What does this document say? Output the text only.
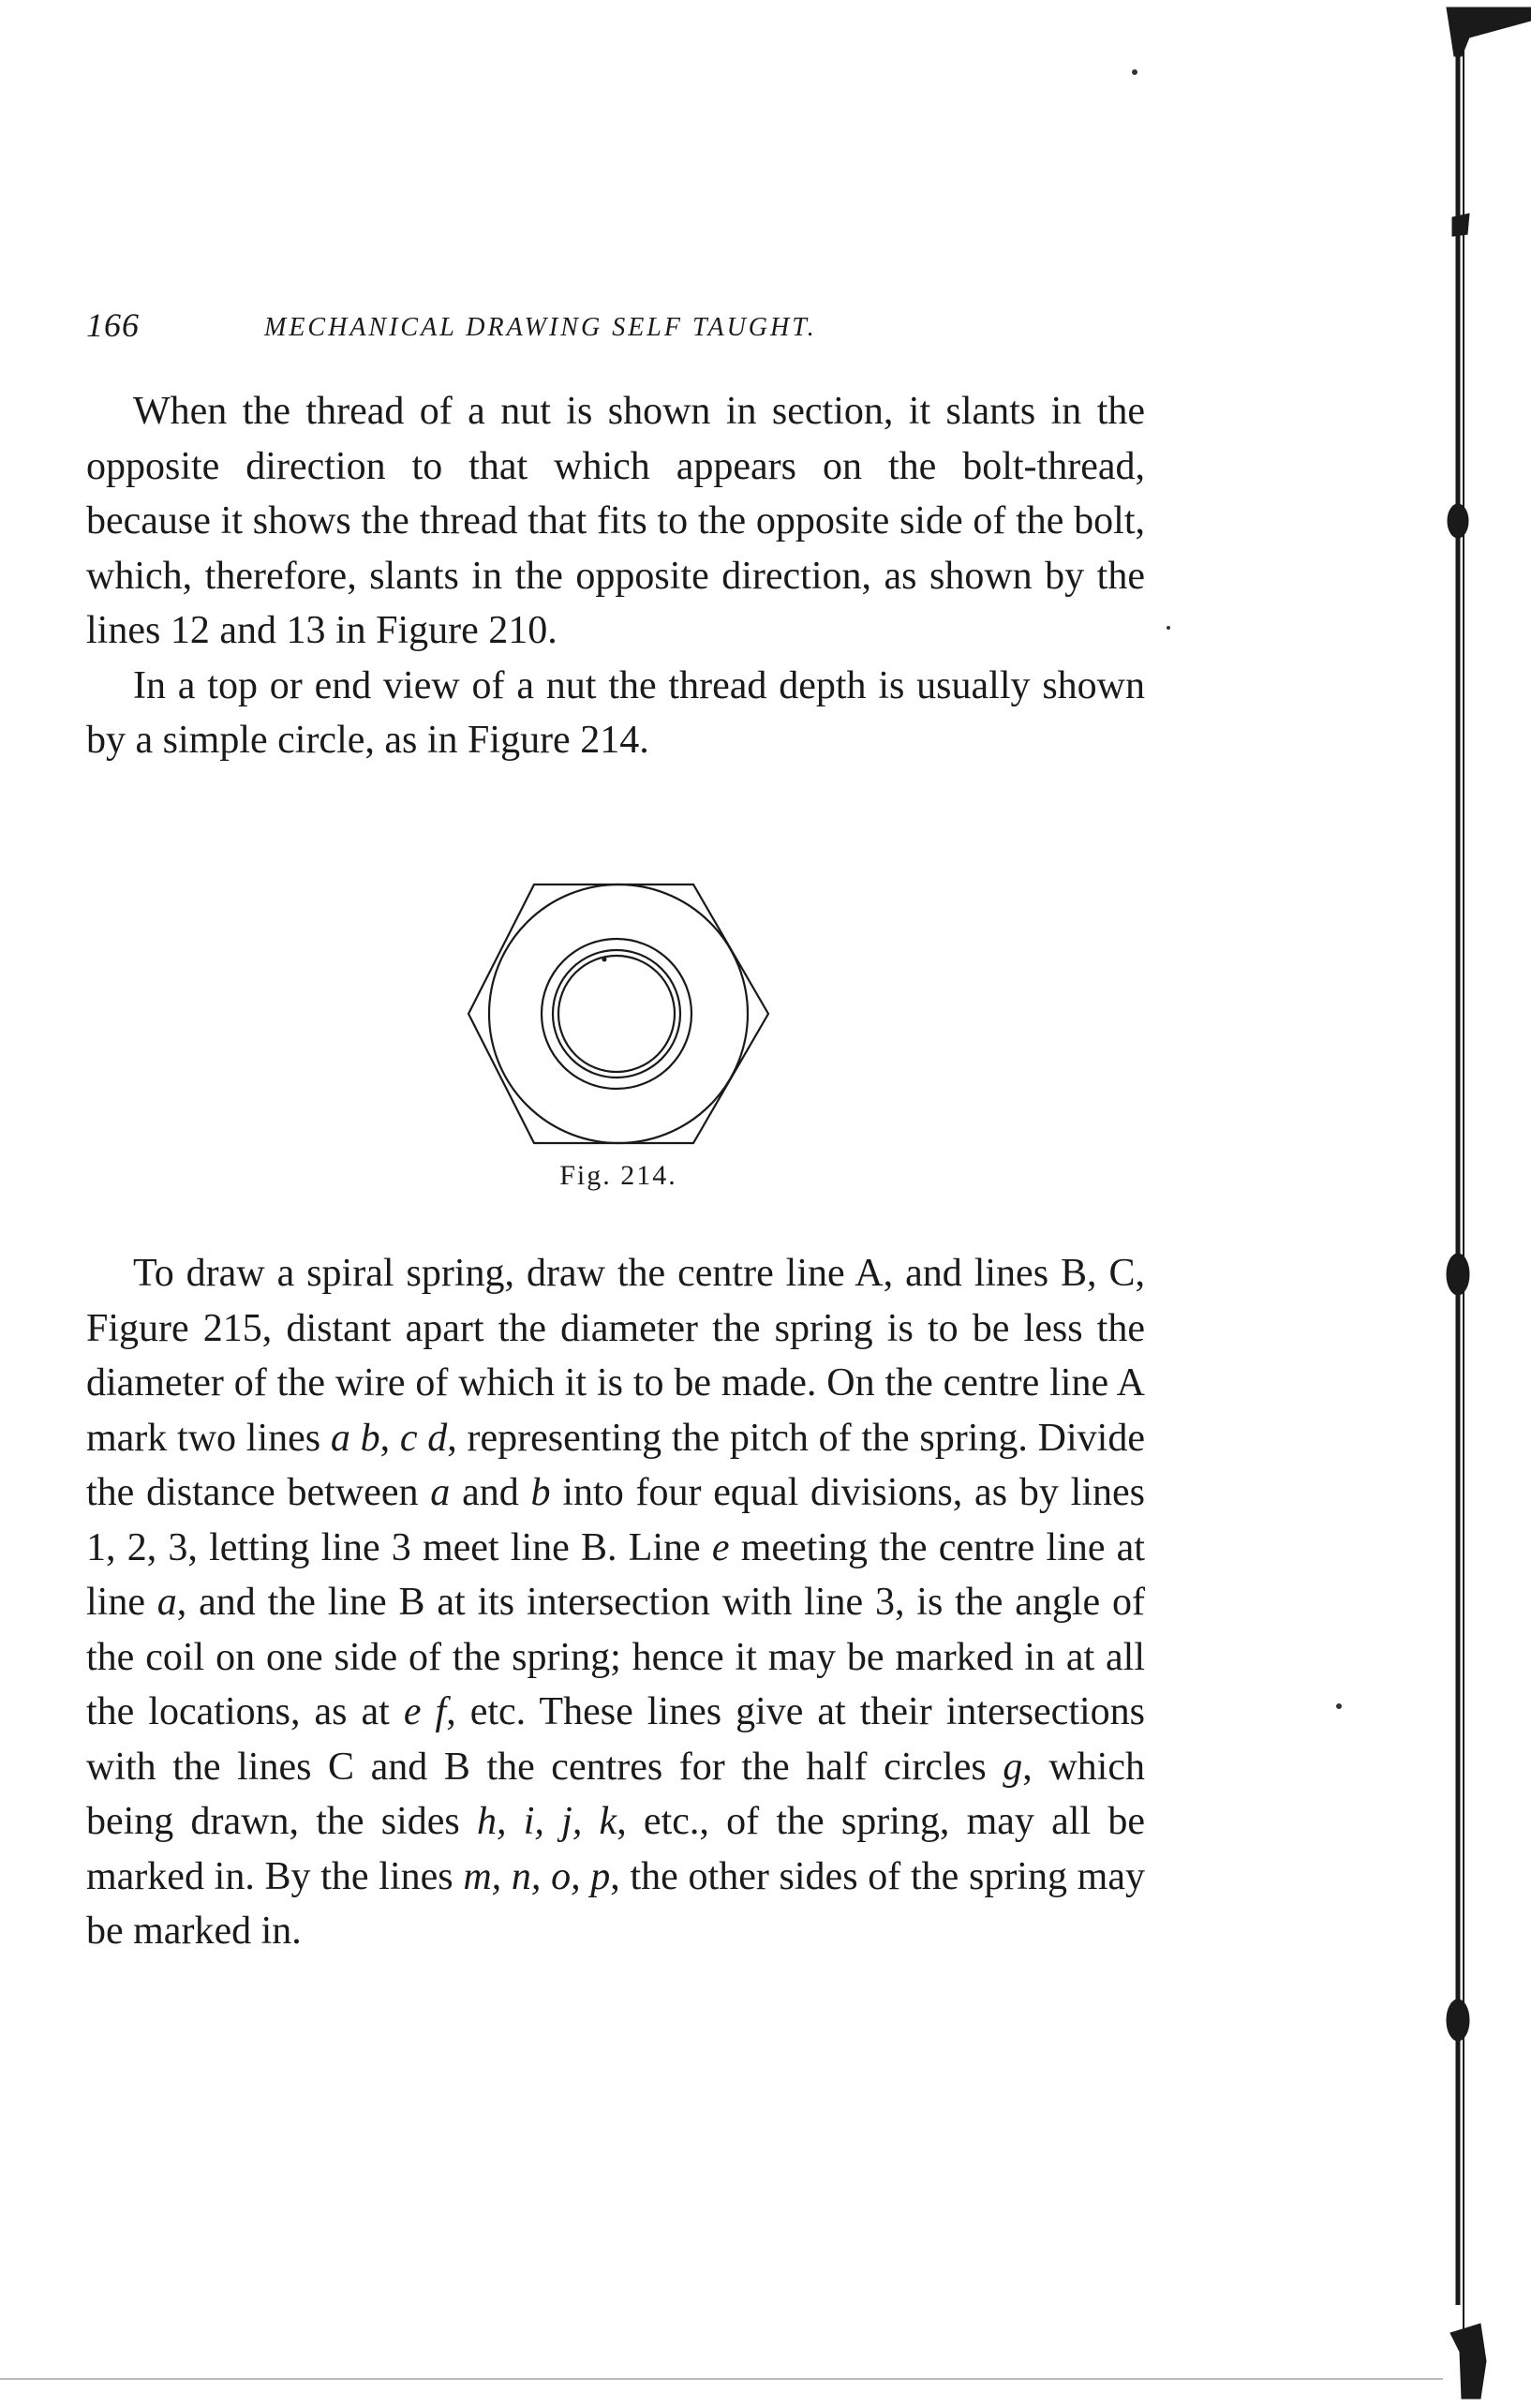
166	MECHANICAL DRAWING SELF TAUGHT.

When the thread of a nut is shown in section, it slants in the opposite direction to that which appears on the bolt-thread, because it shows the thread that fits to the opposite side of the bolt, which, therefore, slants in the opposite direction, as shown by the lines 12 and 13 in Figure 210.

In a top or end view of a nut the thread depth is usually shown by a simple circle, as in Figure 214.

Fig. 214.

To draw a spiral spring, draw the centre line A, and lines B, C, Figure 215, distant apart the diameter the spring is to be less the diameter of the wire of which it is to be made. On the centre line A mark two lines a b, c d, representing the pitch of the spring. Divide the distance between a and b into four equal divisions, as by lines 1, 2, 3, letting line 3 meet line B. Line e meeting the centre line at line a, and the line B at its intersection with line 3, is the angle of the coil on one side of the spring; hence it may be marked in at all the locations, as at e f, etc. These lines give at their intersections with the lines C and B the centres for the half circles g, which being drawn, the sides h, i, j, k, etc., of the spring, may all be marked in. By the lines m, n, o, p, the other sides of the spring may be marked in.
